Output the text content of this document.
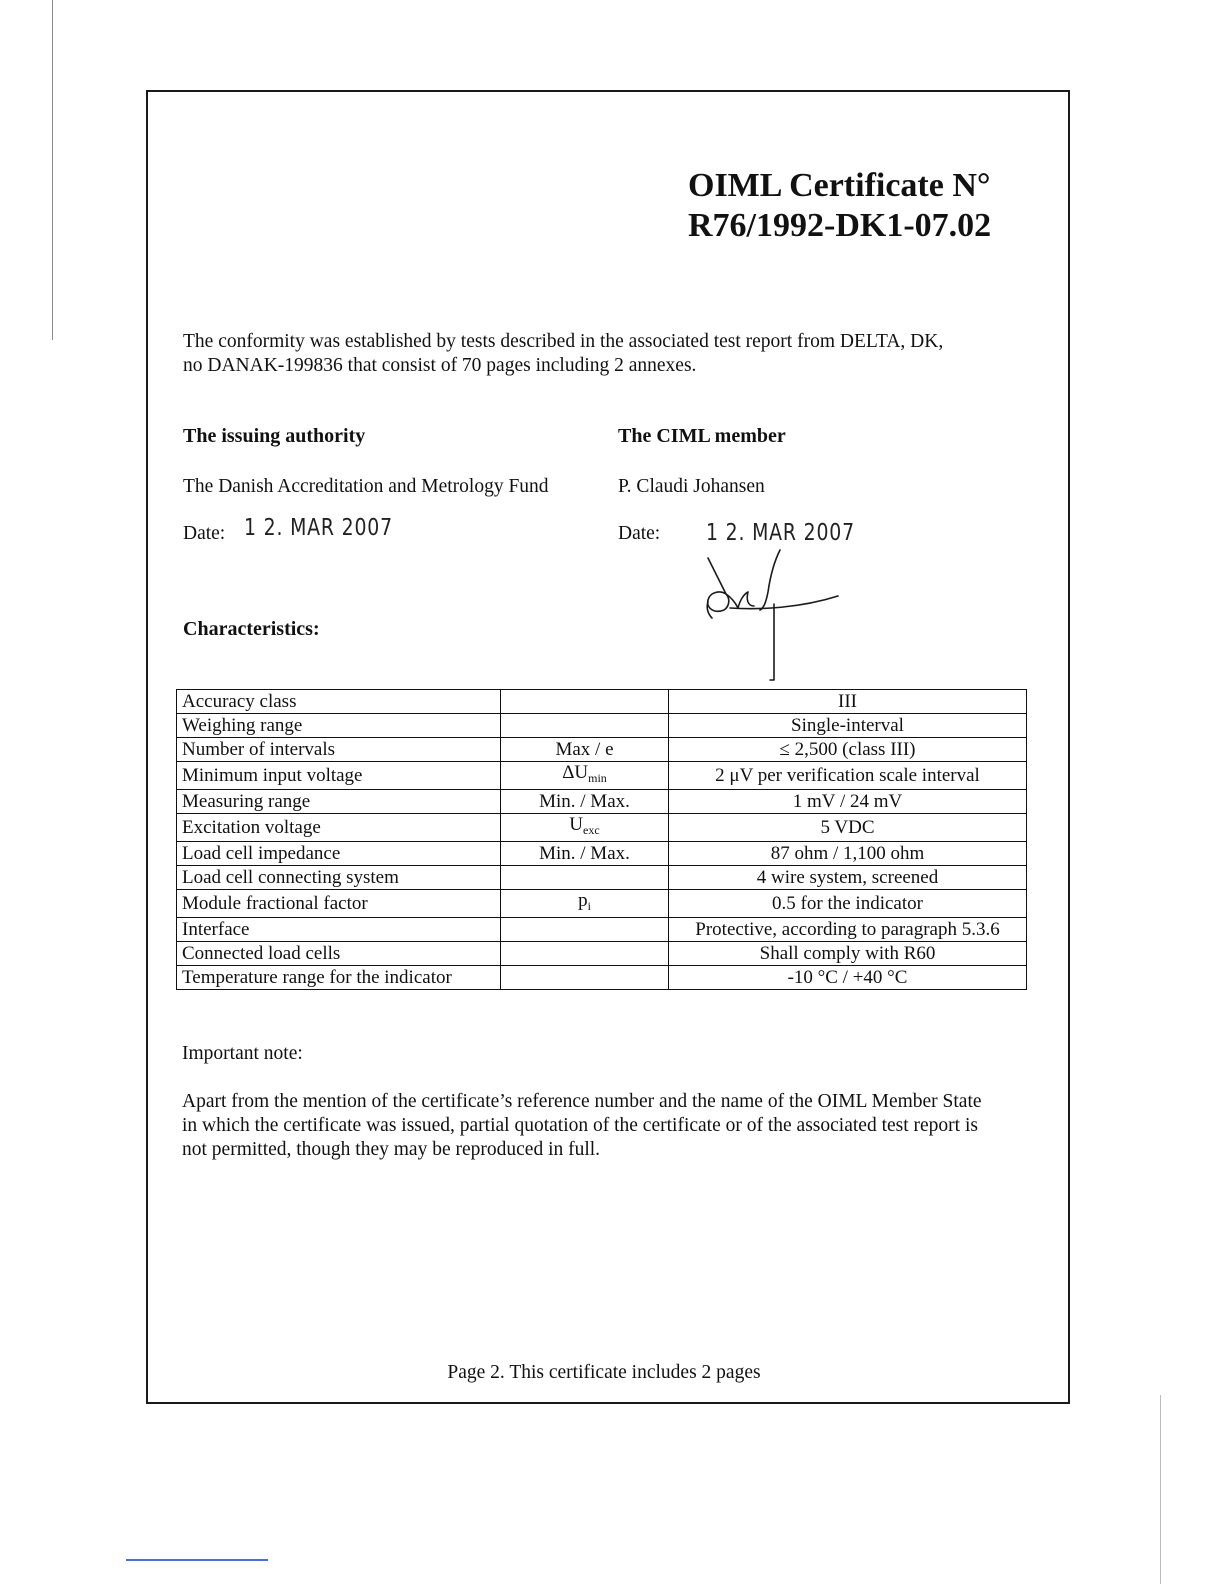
OIML Certificate N°
R76/1992-DK1-07.02
The conformity was established by tests described in the associated test report from DELTA, DK,
no DANAK-199836 that consist of 70 pages including 2 annexes.
The issuing authority	The CIML member
The Danish Accreditation and Metrology Fund	P. Claudi Johansen
Date: 1 2. MAR 2007	Date: 1 2. MAR 2007
Characteristics:
Accuracy class		III
Weighing range		Single-interval
Number of intervals	Max / e	≤ 2,500 (class III)
Minimum input voltage	$\Delta U_{min}$	2 μV per verification scale interval
Measuring range	Min. / Max.	1 mV / 24 mV
Excitation voltage	$U_{exc}$	5 VDC
Load cell impedance	Min. / Max.	87 ohm / 1,100 ohm
Load cell connecting system		4 wire system, screened
Module fractional factor	$p_i$	0.5 for the indicator
Interface		Protective, according to paragraph 5.3.6
Connected load cells		Shall comply with R60
Temperature range for the indicator		-10 °C / +40 °C
Important note:
Apart from the mention of the certificate’s reference number and the name of the OIML Member State
in which the certificate was issued, partial quotation of the certificate or of the associated test report is
not permitted, though they may be reproduced in full.
Page 2. This certificate includes 2 pages
